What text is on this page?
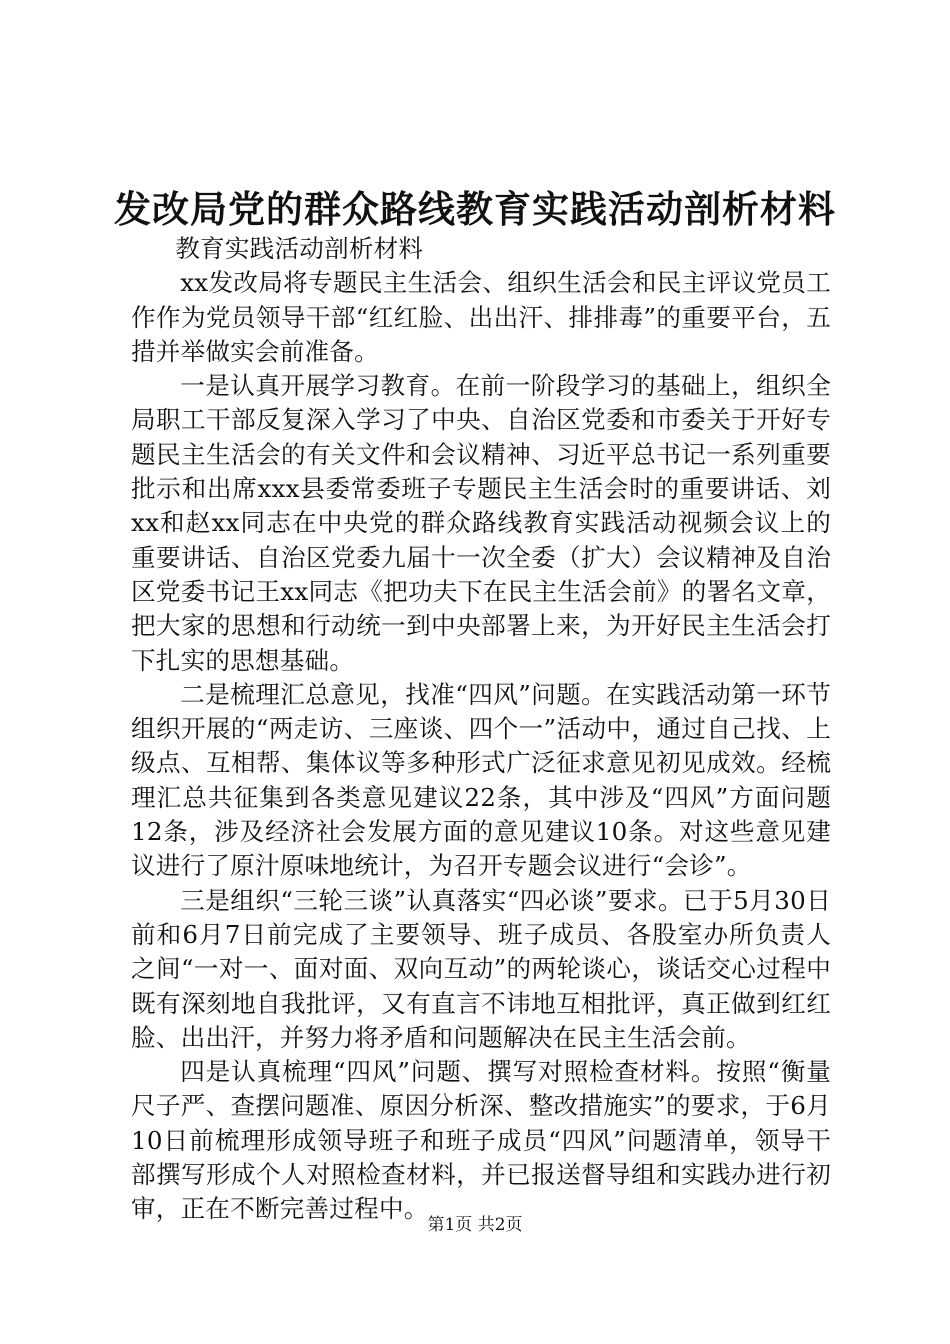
发改局党的群众路线教育实践活动剖析材料

教育实践活动剖析材料

xx发改局将专题民主生活会、组织生活会和民主评议党员工作作为党员领导干部“红红脸、出出汗、排排毒”的重要平台，五措并举做实会前准备。

一是认真开展学习教育。在前一阶段学习的基础上，组织全局职工干部反复深入学习了中央、自治区党委和市委关于开好专题民主生活会的有关文件和会议精神、习近平总书记一系列重要批示和出席xxx县委常委班子专题民主生活会时的重要讲话、刘xx和赵xx同志在中央党的群众路线教育实践活动视频会议上的重要讲话、自治区党委九届十一次全委（扩大）会议精神及自治区党委书记王xx同志《把功夫下在民主生活会前》的署名文章，把大家的思想和行动统一到中央部署上来，为开好民主生活会打下扎实的思想基础。

二是梳理汇总意见，找准“四风”问题。在实践活动第一环节组织开展的“两走访、三座谈、四个一”活动中，通过自己找、上级点、互相帮、集体议等多种形式广泛征求意见初见成效。经梳理汇总共征集到各类意见建议22条，其中涉及“四风”方面问题12条，涉及经济社会发展方面的意见建议10条。对这些意见建议进行了原汁原味地统计，为召开专题会议进行“会诊”。

三是组织“三轮三谈”认真落实“四必谈”要求。已于5月30日前和6月7日前完成了主要领导、班子成员、各股室办所负责人之间“一对一、面对面、双向互动”的两轮谈心，谈话交心过程中既有深刻地自我批评，又有直言不讳地互相批评，真正做到红红脸、出出汗，并努力将矛盾和问题解决在民主生活会前。

四是认真梳理“四风”问题、撰写对照检查材料。按照“衡量尺子严、查摆问题准、原因分析深、整改措施实”的要求，于6月10日前梳理形成领导班子和班子成员“四风”问题清单，领导干部撰写形成个人对照检查材料，并已报送督导组和实践办进行初审，正在不断完善过程中。

第1页 共2页
